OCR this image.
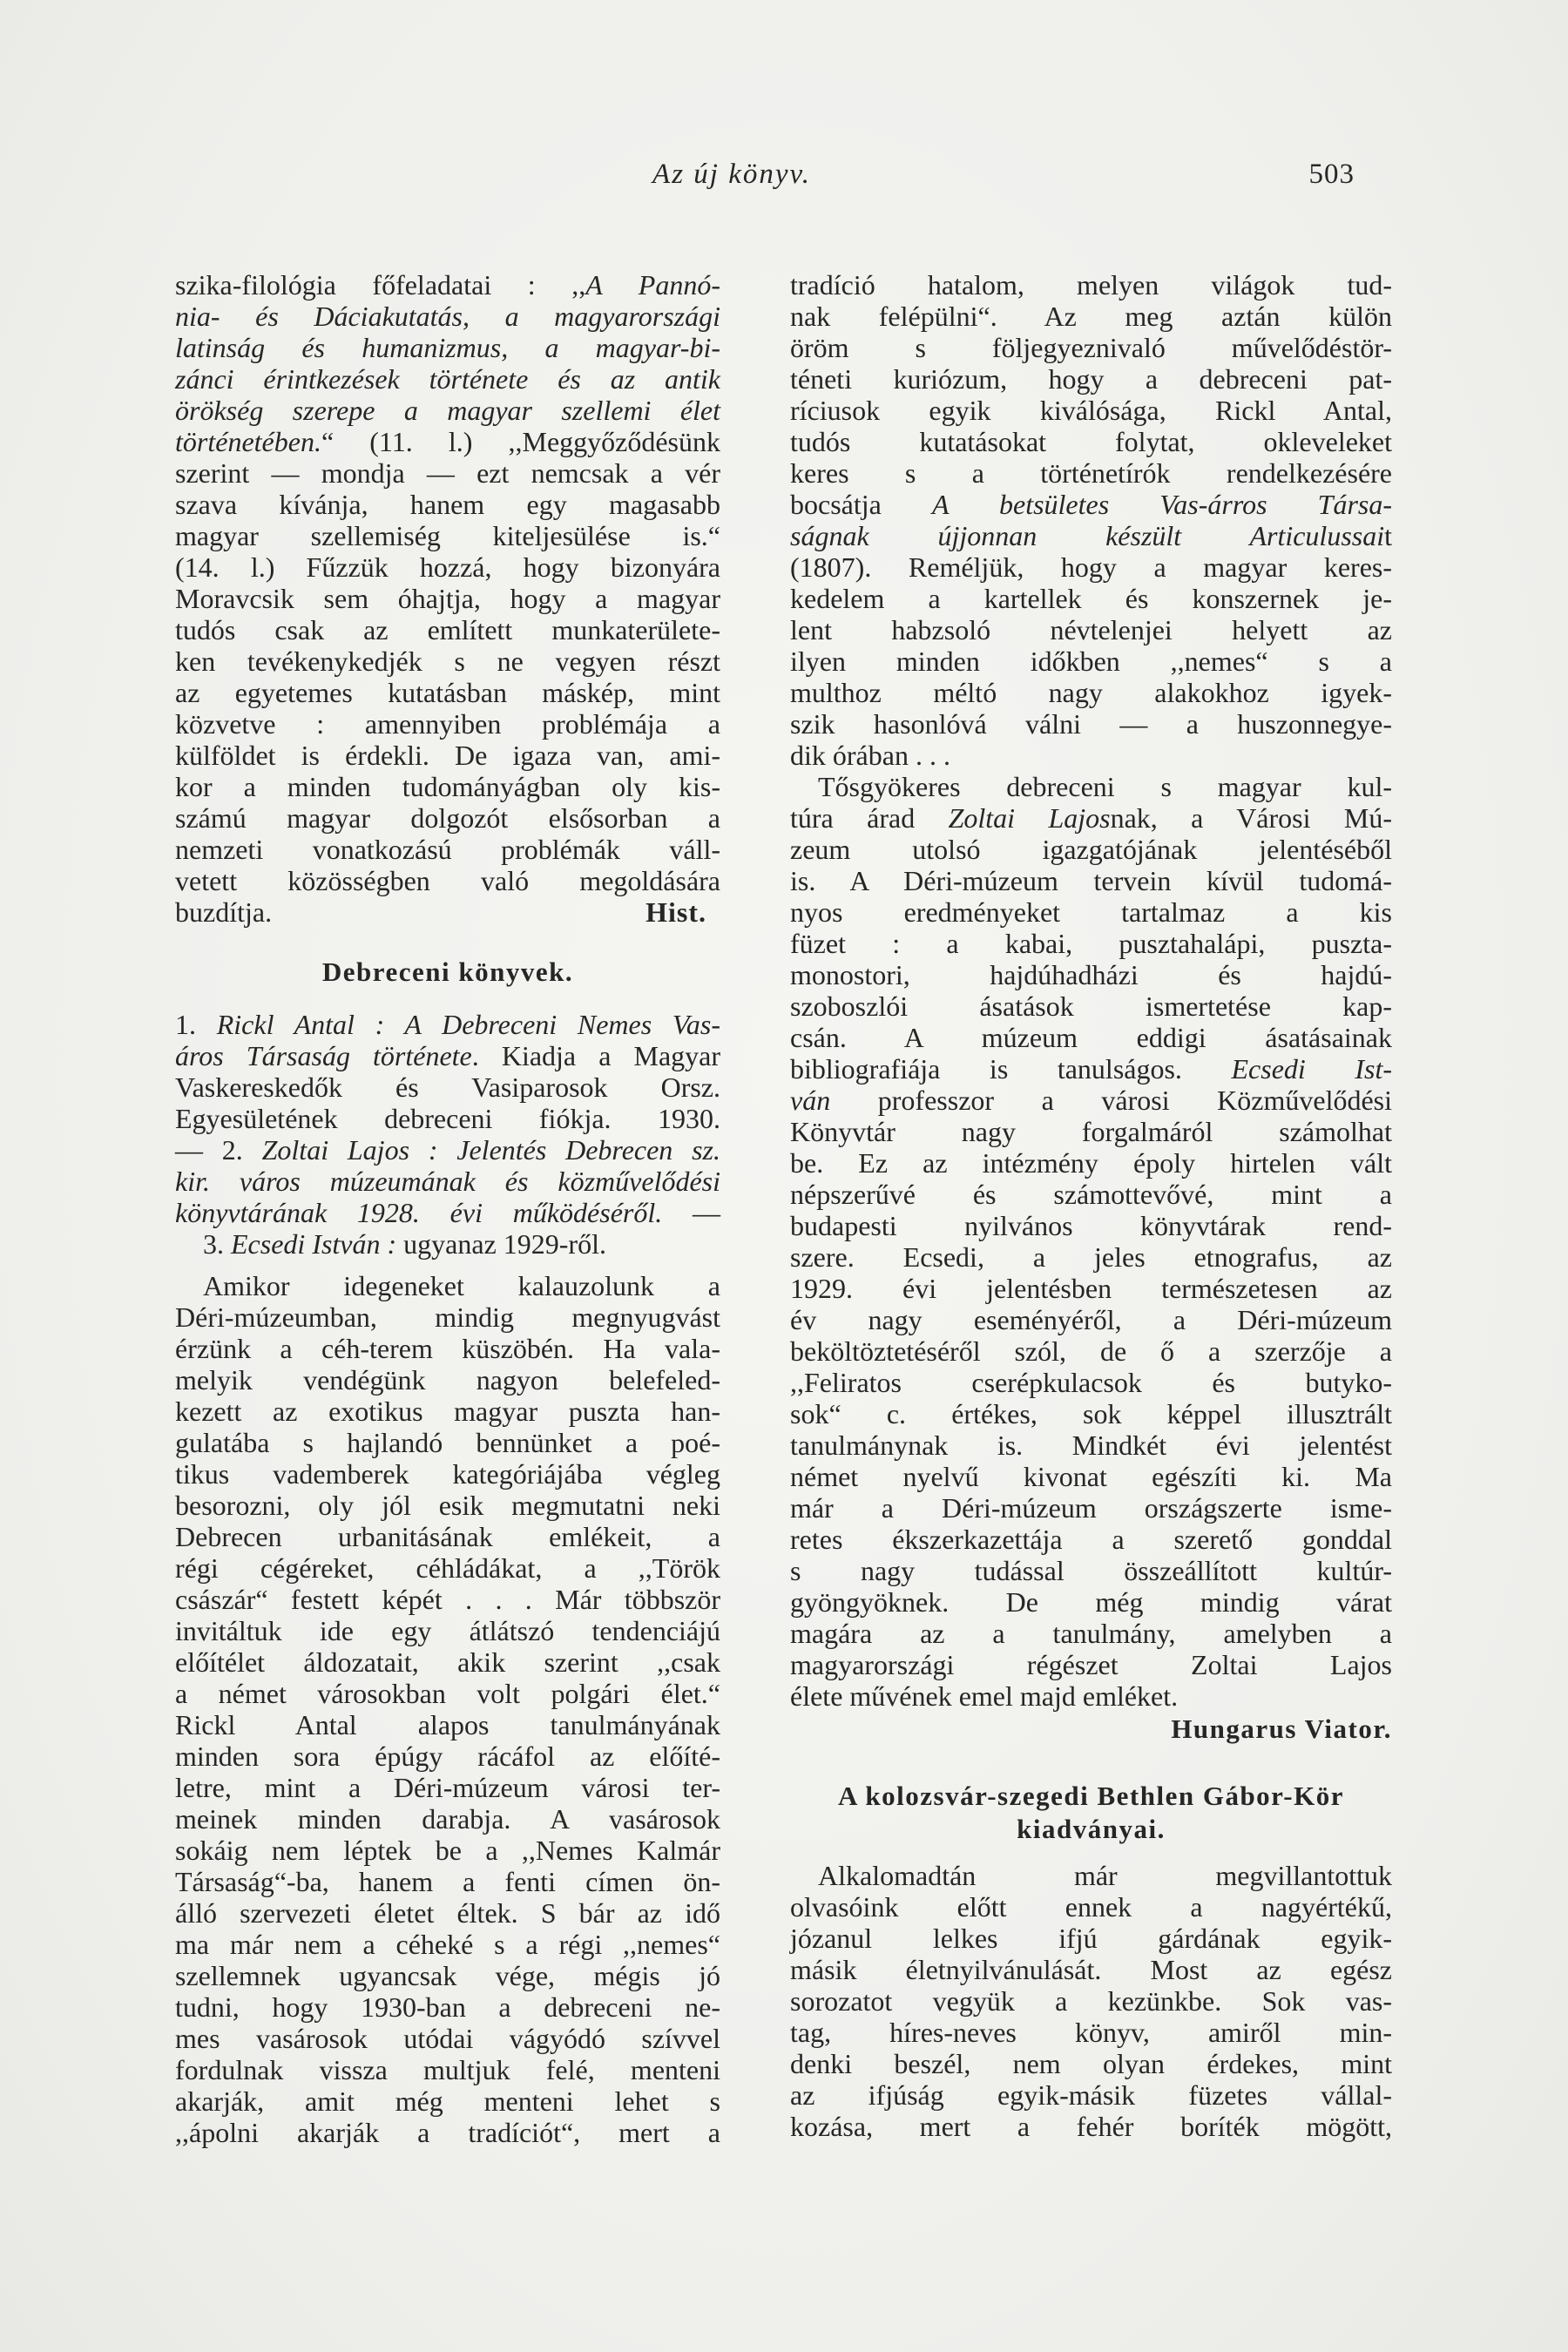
Az új könyv.	503
szika-filológia főfeladatai : ,,A Pannó-
nia- és Dáciakutatás, a magyarországi
latinság és humanizmus, a magyar-bi-
zánci érintkezések története és az antik
örökség szerepe a magyar szellemi élet
történetében.“ (11. l.) ,,Meggyőződésünk
szerint — mondja — ezt nemcsak a vér
szava kívánja, hanem egy magasabb
magyar szellemiség kiteljesülése is.“
(14. l.) Fűzzük hozzá, hogy bizonyára
Moravcsik sem óhajtja, hogy a magyar
tudós csak az említett munkaterülete-
ken tevékenykedjék s ne vegyen részt
az egyetemes kutatásban máskép, mint
közvetve : amennyiben problémája a
külföldet is érdekli. De igaza van, ami-
kor a minden tudományágban oly kis-
számú magyar dolgozót elsősorban a
nemzeti vonatkozású problémák váll-
vetett közösségben való megoldására
buzdítja.	Hist.
Debreceni könyvek.
1. Rickl Antal : A Debreceni Nemes Vas-
áros Társaság története. Kiadja a Magyar
Vaskereskedők és Vasiparosok Orsz.
Egyesületének debreceni fiókja. 1930.
— 2. Zoltai Lajos : Jelentés Debrecen sz.
kir. város múzeumának és közművelődési
könyvtárának 1928. évi működéséről. —
3. Ecsedi István : ugyanaz 1929-ről.
Amikor idegeneket kalauzolunk a
Déri-múzeumban, mindig megnyugvást
érzünk a céh-terem küszöbén. Ha vala-
melyik vendégünk nagyon belefeled-
kezett az exotikus magyar puszta han-
gulatába s hajlandó bennünket a poé-
tikus vademberek kategóriájába végleg
besorozni, oly jól esik megmutatni neki
Debrecen urbanitásának emlékeit, a
régi cégéreket, céhládákat, a ,,Török
császár“ festett képét . . . Már többször
invitáltuk ide egy átlátszó tendenciájú
előítélet áldozatait, akik szerint ,,csak
a német városokban volt polgári élet.“
Rickl Antal alapos tanulmányának
minden sora épúgy rácáfol az előíté-
letre, mint a Déri-múzeum városi ter-
meinek minden darabja. A vasárosok
sokáig nem léptek be a ,,Nemes Kalmár
Társaság“-ba, hanem a fenti címen ön-
álló szervezeti életet éltek. S bár az idő
ma már nem a céheké s a régi ,,nemes“
szellemnek ugyancsak vége, mégis jó
tudni, hogy 1930-ban a debreceni ne-
mes vasárosok utódai vágyódó szívvel
fordulnak vissza multjuk felé, menteni
akarják, amit még menteni lehet s
,,ápolni akarják a tradíciót“, mert a
tradíció hatalom, melyen világok tud-
nak felépülni“. Az meg aztán külön
öröm s följegyeznivaló művelődéstör-
téneti kuriózum, hogy a debreceni pat-
ríciusok egyik kiválósága, Rickl Antal,
tudós kutatásokat folytat, okleveleket
keres s a történetírók rendelkezésére
bocsátja A betsületes Vas-árros Társa-
ságnak újjonnan készült Articulussait
(1807). Reméljük, hogy a magyar keres-
kedelem a kartellek és konszernek je-
lent habzsoló névtelenjei helyett az
ilyen minden időkben ,,nemes“ s a
multhoz méltó nagy alakokhoz igyek-
szik hasonlóvá válni — a huszonnegye-
dik órában . . .
Tősgyökeres debreceni s magyar kul-
túra árad Zoltai Lajosnak, a Városi Mú-
zeum utolsó igazgatójának jelentéséből
is. A Déri-múzeum tervein kívül tudomá-
nyos eredményeket tartalmaz a kis
füzet : a kabai, pusztahalápi, puszta-
monostori, hajdúhadházi és hajdú-
szoboszlói ásatások ismertetése kap-
csán. A múzeum eddigi ásatásainak
bibliografiája is tanulságos. Ecsedi Ist-
ván professzor a városi Közművelődési
Könyvtár nagy forgalmáról számolhat
be. Ez az intézmény époly hirtelen vált
népszerűvé és számottevővé, mint a
budapesti nyilvános könyvtárak rend-
szere. Ecsedi, a jeles etnografus, az
1929. évi jelentésben természetesen az
év nagy eseményéről, a Déri-múzeum
beköltöztetéséről szól, de ő a szerzője a
,,Feliratos cserépkulacsok és butyko-
sok“ c. értékes, sok képpel illusztrált
tanulmánynak is. Mindkét évi jelentést
német nyelvű kivonat egészíti ki. Ma
már a Déri-múzeum országszerte isme-
retes ékszerkazettája a szerető gonddal
s nagy tudással összeállított kultúr-
gyöngyöknek. De még mindig várat
magára az a tanulmány, amelyben a
magyarországi régészet Zoltai Lajos
élete művének emel majd emléket.
Hungarus Viator.
A kolozsvár-szegedi Bethlen Gábor-Kör
kiadványai.
Alkalomadtán már megvillantottuk
olvasóink előtt ennek a nagyértékű,
józanul lelkes ifjú gárdának egyik-
másik életnyilvánulását. Most az egész
sorozatot vegyük a kezünkbe. Sok vas-
tag, híres-neves könyv, amiről min-
denki beszél, nem olyan érdekes, mint
az ifjúság egyik-másik füzetes vállal-
kozása, mert a fehér boríték mögött,
